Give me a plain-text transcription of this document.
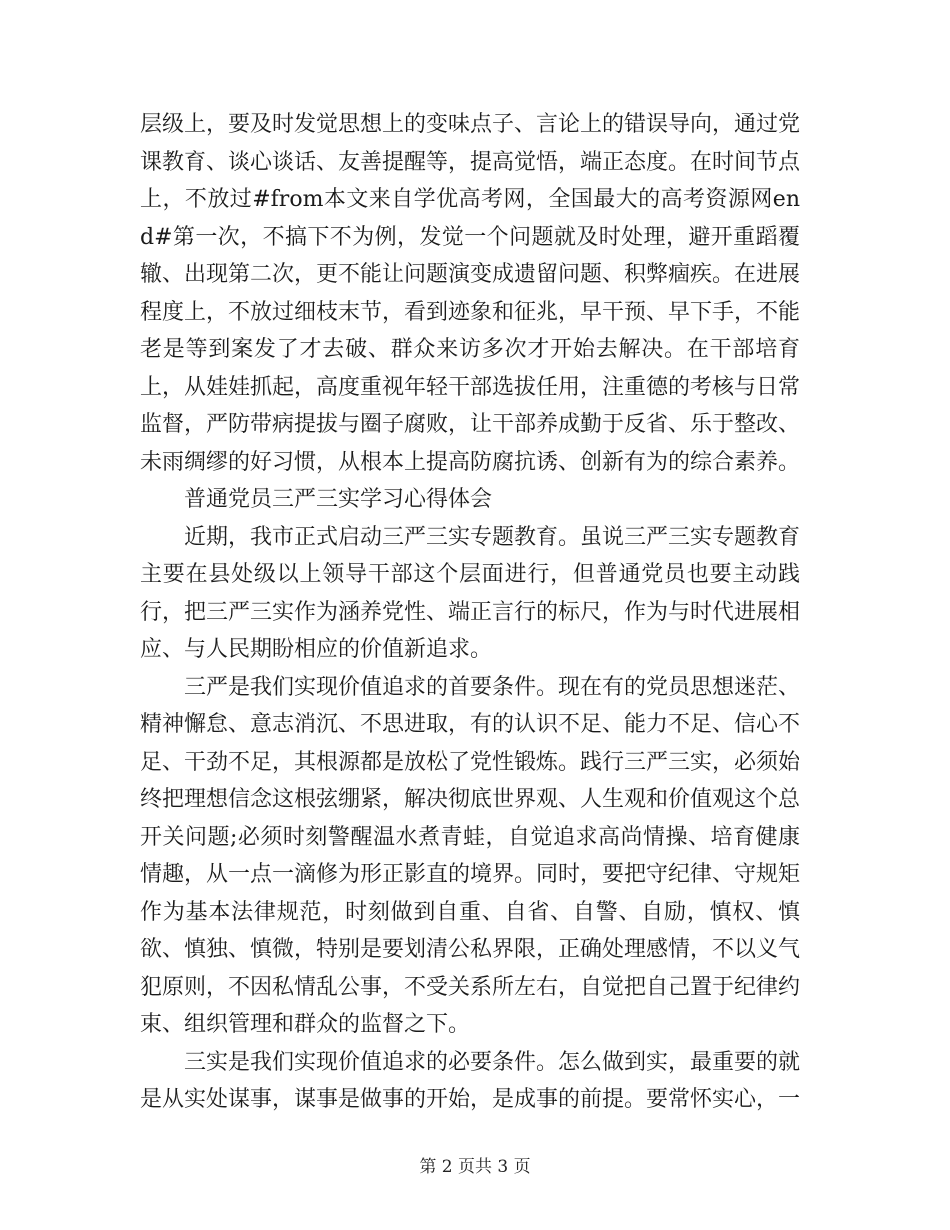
层级上，要及时发觉思想上的变味点子、言论上的错误导向，通过党课教育、谈心谈话、友善提醒等，提高觉悟，端正态度。在时间节点上，不放过#from本文来自学优高考网，全国最大的高考资源网end#第一次，不搞下不为例，发觉一个问题就及时处理，避开重蹈覆辙、出现第二次，更不能让问题演变成遗留问题、积弊痼疾。在进展程度上，不放过细枝末节，看到迹象和征兆，早干预、早下手，不能老是等到案发了才去破、群众来访多次才开始去解决。在干部培育上，从娃娃抓起，高度重视年轻干部选拔任用，注重德的考核与日常监督，严防带病提拔与圈子腐败，让干部养成勤于反省、乐于整改、未雨绸缪的好习惯，从根本上提高防腐抗诱、创新有为的综合素养。

普通党员三严三实学习心得体会

近期，我市正式启动三严三实专题教育。虽说三严三实专题教育主要在县处级以上领导干部这个层面进行，但普通党员也要主动践行，把三严三实作为涵养党性、端正言行的标尺，作为与时代进展相应、与人民期盼相应的价值新追求。

三严是我们实现价值追求的首要条件。现在有的党员思想迷茫、精神懈怠、意志消沉、不思进取，有的认识不足、能力不足、信心不足、干劲不足，其根源都是放松了党性锻炼。践行三严三实，必须始终把理想信念这根弦绷紧，解决彻底世界观、人生观和价值观这个总开关问题;必须时刻警醒温水煮青蛙，自觉追求高尚情操、培育健康情趣，从一点一滴修为形正影直的境界。同时，要把守纪律、守规矩作为基本法律规范，时刻做到自重、自省、自警、自励，慎权、慎欲、慎独、慎微，特别是要划清公私界限，正确处理感情，不以义气犯原则，不因私情乱公事，不受关系所左右，自觉把自己置于纪律约束、组织管理和群众的监督之下。

三实是我们实现价值追求的必要条件。怎么做到实，最重要的就是从实处谋事，谋事是做事的开始，是成事的前提。要常怀实心，一

第 2 页共 3 页
